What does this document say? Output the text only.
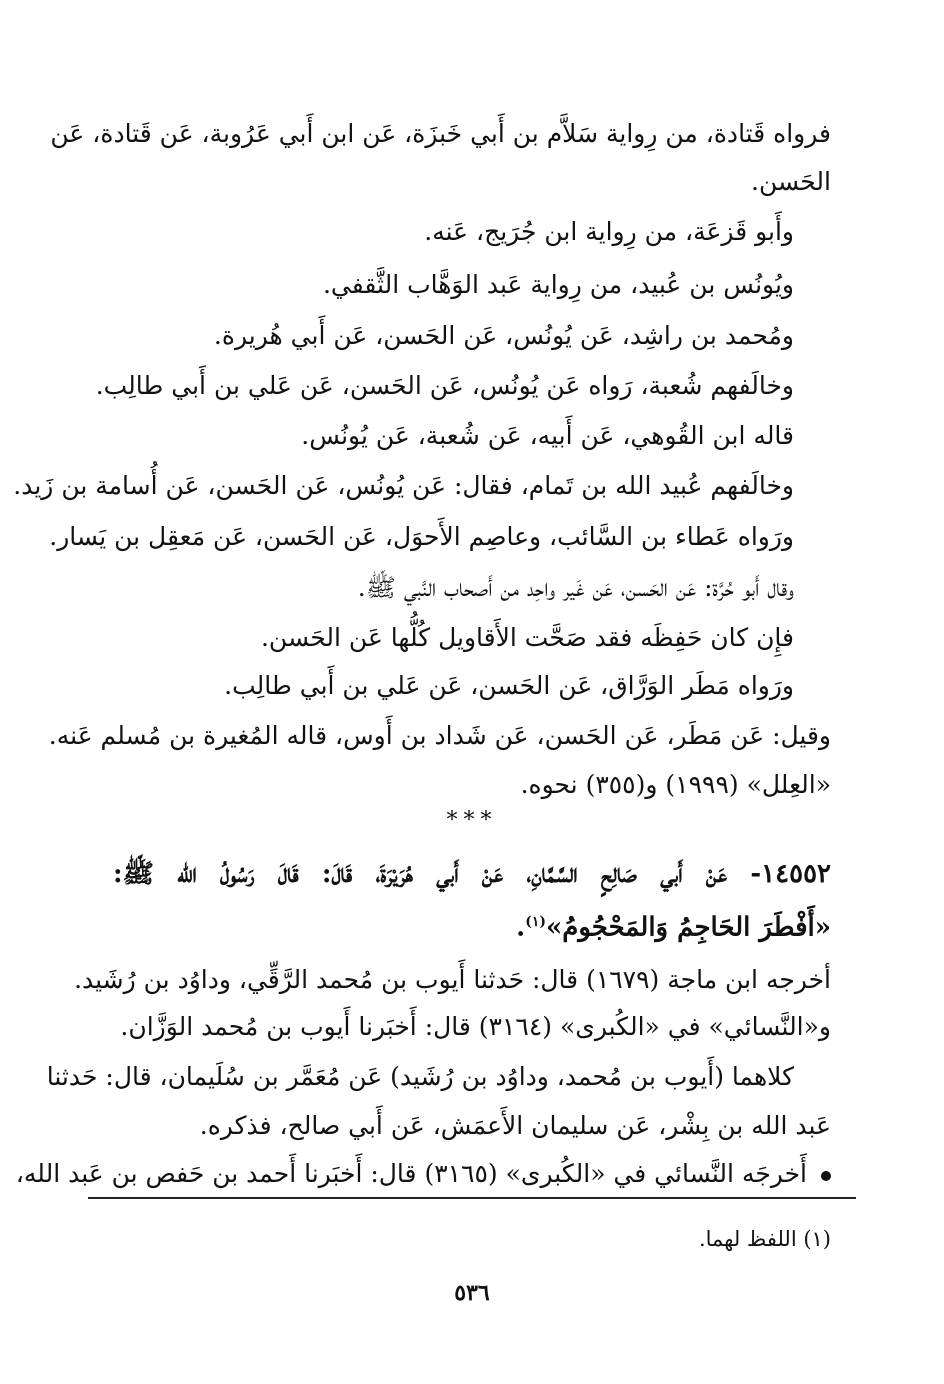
فرواه قَتادة، من رِواية سَلاَّم بن أَبي خَبزَة، عَن ابن أَبي عَرُوبة، عَن قَتادة، عَن
الحَسن.
وأَبو قَزعَة، من رِواية ابن جُرَيج، عَنه.
ويُونُس بن عُبيد، من رِواية عَبد الوَهَّاب الثَّقفي.
ومُحمد بن راشِد، عَن يُونُس، عَن الحَسن، عَن أَبي هُريرة.
وخالَفهم شُعبة، رَواه عَن يُونُس، عَن الحَسن، عَن عَلي بن أَبي طالِب.
قاله ابن القُوهي، عَن أَبيه، عَن شُعبة، عَن يُونُس.
وخالَفهم عُبيد الله بن تَمام، فقال: عَن يُونُس، عَن الحَسن، عَن أُسامة بن زَيد.
ورَواه عَطاء بن السَّائب، وعاصِم الأَحوَل، عَن الحَسن، عَن مَعقِل بن يَسار.
وقال أَبو حُرَّة: عَن الحَسن، عَن غَير واحِد من أَصحاب النَّبي ﷺ.
فإِن كان حَفِظَه فقد صَحَّت الأَقاويل كُلُّها عَن الحَسن.
ورَواه مَطَر الوَرَّاق، عَن الحَسن، عَن عَلي بن أَبي طالِب.
وقيل: عَن مَطَر، عَن الحَسن، عَن شَداد بن أَوس، قاله المُغيرة بن مُسلم عَنه.
«العِلل» (١٩٩٩) و(٣٥٥) نحوه.
***
١٤٥٥٢- عَنْ أَبي صَالِحٍ السَّمَّانِ، عَنْ أَبي هُرَيْرَةَ، قَالَ: قَالَ رَسُولُ الله ﷺ:
«أَفْطَرَ الحَاجِمُ وَالمَحْجُومُ»$^{(١)}$.
أخرجه ابن ماجة (١٦٧٩) قال: حَدثنا أَيوب بن مُحمد الرَّقِّي، وداوُد بن رُشَيد.
و«النَّسائي» في «الكُبرى» (٣١٦٤) قال: أَخبَرنا أَيوب بن مُحمد الوَزَّان.
كلاهما (أَيوب بن مُحمد، وداوُد بن رُشَيد) عَن مُعَمَّر بن سُلَيمان، قال: حَدثنا
عَبد الله بن بِشْر، عَن سليمان الأَعمَش، عَن أَبي صالح، فذكره.
أَخرجَه النَّسائي في «الكُبرى» (٣١٦٥) قال: أَخبَرنا أَحمد بن حَفص بن عَبد الله،
(١) اللفظ لهما.
٥٣٦
